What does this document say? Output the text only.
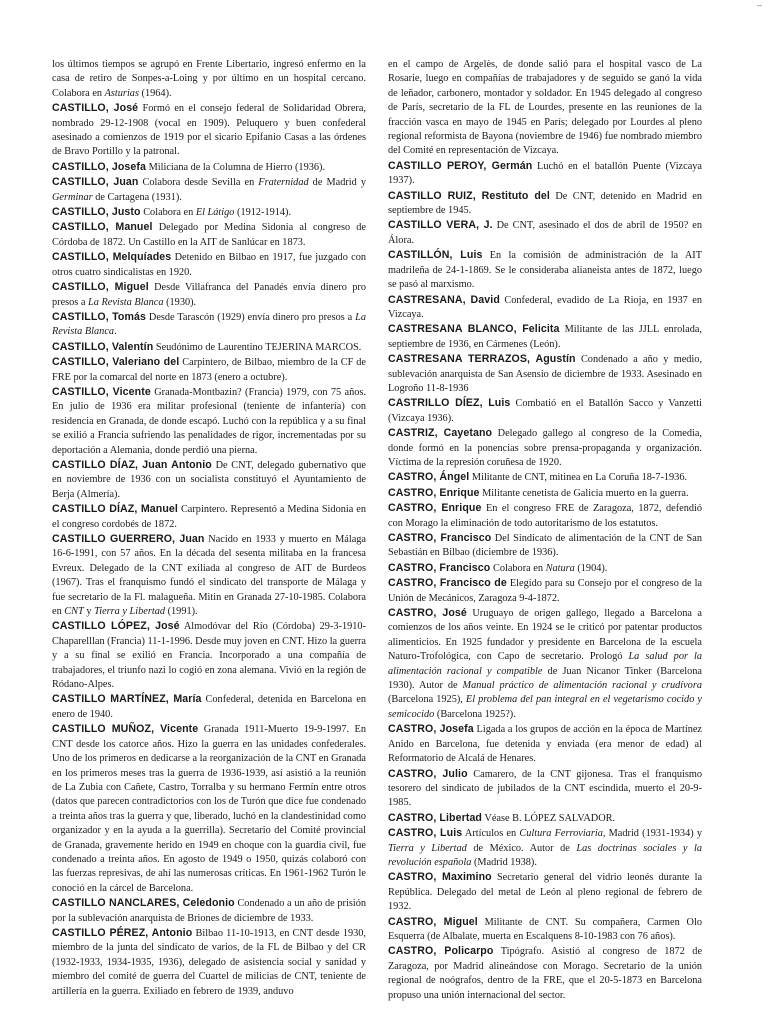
–

los últimos tiempos se agrupó en Frente Libertario, ingresó enfermo en la casa de retiro de Sonpes-a-Loing y por último en un hospital cercano. Colabora en Asturias (1964).

CASTILLO, José Formó en el consejo federal de Solidaridad Obrera, nombrado 29-12-1908 (vocal en 1909). Peluquero y buen confederal asesinado a comienzos de 1919 por el sicario Epifanio Casas a las órdenes de Bravo Portillo y la patronal.

CASTILLO, Josefa Miliciana de la Columna de Hierro (1936).

CASTILLO, Juan Colabora desde Sevilla en Fraternidad de Madrid y Germinar de Cartagena (1931).

CASTILLO, Justo Colabora en El Látigo (1912-1914).

CASTILLO, Manuel Delegado por Medina Sidonia al congreso de Córdoba de 1872. Un Castillo en la AIT de Sanlúcar en 1873.

CASTILLO, Melquíades Detenido en Bilbao en 1917, fue juzgado con otros cuatro sindicalistas en 1920.

CASTILLO, Miguel Desde Villafranca del Panadés envía dinero pro presos a La Revista Blanca (1930).

CASTILLO, Tomás Desde Tarascón (1929) envía dinero pro presos a La Revista Blanca.

CASTILLO, Valentín Seudónimo de Laurentino TEJERINA MARCOS.

CASTILLO, Valeriano del Carpintero, de Bilbao, miembro de la CF de FRE por la comarcal del norte en 1873 (enero a octubre).

CASTILLO, Vicente Granada-Montbazin? (Francia) 1979, con 75 años. En julio de 1936 era militar profesional (teniente de infantería) con residencia en Granada, de donde escapó. Luchó con la república y a su final se exilió a Francia sufriendo las penalidades de rigor, incrementadas por su deportación a Alemania, donde perdió una pierna.

CASTILLO DÍAZ, Juan Antonio De CNT, delegado gubernativo que en noviembre de 1936 con un socialista constituyó el Ayuntamiento de Berja (Almería).

CASTILLO DÍAZ, Manuel Carpintero. Representó a Medina Sidonia en el congreso cordobés de 1872.

CASTILLO GUERRERO, Juan Nacido en 1933 y muerto en Málaga 16-6-1991, con 57 años. En la década del sesenta militaba en la francesa Evreux. Delegado de la CNT exiliada al congreso de AIT de Burdeos (1967). Tras el franquismo fundó el sindicato del transporte de Málaga y fue secretario de la Fl. malagueña. Mitin en Granada 27-10-1985. Colabora en CNT y Tierra y Libertad (1991).

CASTILLO LÓPEZ, José Almodóvar del Río (Córdoba) 29-3-1910-Chaparelllan (Francia) 11-1-1996. Desde muy joven en CNT. Hizo la guerra y a su final se exilió en Francia. Incorporado a una compañía de trabajadores, el triunfo nazi lo cogió en zona alemana. Vivió en la región de Ródano-Alpes.

CASTILLO MARTÍNEZ, María Confederal, detenida en Barcelona en enero de 1940.

CASTILLO MUÑOZ, Vicente Granada 1911-Muerto 19-9-1997. En CNT desde los catorce años. Hizo la guerra en las unidades confederales. Uno de los primeros en dedicarse a la reorganización de la CNT en Granada en los primeros meses tras la guerra de 1936-1939, así asistió a la reunión de La Zubia con Cañete, Castro, Torralba y su hermano Fermín entre otros (datos que parecen contradictorios con los de Turón que dice fue condenado a treinta años tras la guerra y que, liberado, luchó en la clandestinidad como organizador y en la ayuda a la guerrilla). Secretario del Comité provincial de Granada, gravemente herido en 1949 en choque con la guardia civil, fue condenado a treinta años. En agosto de 1949 o 1950, quizás colaboró con las fuerzas represivas, de ahí las numerosas críticas. En 1961-1962 Turón le conoció en la cárcel de Barcelona.

CASTILLO NANCLARES, Celedonio Condenado a un año de prisión por la sublevación anarquista de Briones de diciembre de 1933.

CASTILLO PÉREZ, Antonio Bilbao 11-10-1913, en CNT desde 1930, miembro de la junta del sindicato de varios, de la FL de Bilbao y del CR (1932-1933, 1934-1935, 1936), delegado de asistencia social y sanidad y miembro del comité de guerra del Cuartel de milicias de CNT, teniente de artillería en la guerra. Exiliado en febrero de 1939, anduvo

en el campo de Argelès, de donde salió para el hospital vasco de La Rosarie, luego en compañías de trabajadores y de seguido se ganó la vida de leñador, carbonero, montador y soldador. En 1945 delegado al congreso de París, secretario de la FL de Lourdes, presente en las reuniones de la fracción vasca en mayo de 1945 en París; delegado por Lourdes al pleno regional reformista de Bayona (noviembre de 1946) fue nombrado miembro del Comité en representación de Vizcaya.

CASTILLO PEROY, Germán Luchó en el batallón Puente (Vizcaya 1937).

CASTILLO RUIZ, Restituto del De CNT, detenido en Madrid en septiembre de 1945.

CASTILLO VERA, J. De CNT, asesinado el dos de abril de 1950? en Álora.

CASTILLÓN, Luis En la comisión de administración de la AIT madrileña de 24-1-1869. Se le consideraba alianeista antes de 1872, luego se pasó al marxismo.

CASTRESANA, David Confederal, evadido de La Rioja, en 1937 en Vizcaya.

CASTRESANA BLANCO, Felicita Militante de las JJLL enrolada, septiembre de 1936, en Cármenes (León).

CASTRESANA TERRAZOS, Agustín Condenado a año y medio, sublevación anarquista de San Asensio de diciembre de 1933. Asesinado en Logroño 11-8-1936

CASTRILLO DÍEZ, Luis Combatió en el Batallón Sacco y Vanzetti (Vizcaya 1936).

CASTRIZ, Cayetano Delegado gallego al congreso de la Comedia, donde formó en la ponencias sobre prensa-propaganda y organización. Víctima de la represión coruñesa de 1920.

CASTRO, Ángel Militante de CNT, mitinea en La Coruña 18-7-1936.

CASTRO, Enrique Militante cenetista de Galicia muerto en la guerra.

CASTRO, Enrique En el congreso FRE de Zaragoza, 1872, defendió con Morago la eliminación de todo autoritarismo de los estatutos.

CASTRO, Francisco Del Sindicato de alimentación de la CNT de San Sebastián en Bilbao (diciembre de 1936).

CASTRO, Francisco Colabora en Natura (1904).

CASTRO, Francisco de Elegido para su Consejo por el congreso de la Unión de Mecánicos, Zaragoza 9-4-1872.

CASTRO, José Uruguayo de origen gallego, llegado a Barcelona a comienzos de los años veinte. En 1924 se le criticó por patentar productos alimenticios. En 1925 fundador y presidente en Barcelona de la escuela Naturo-Trofológica, con Capo de secretario. Prologó La salud por la alimentación racional y compatible de Juan Nicanor Tinker (Barcelona 1930). Autor de Manual práctico de alimentación racional y crudívora (Barcelona 1925), El problema del pan integral en el vegetarismo cocido y semicocido (Barcelona 1925?).

CASTRO, Josefa Ligada a los grupos de acción en la época de Martínez Anido en Barcelona, fue detenida y enviada (era menor de edad) al Reformatorio de Alcalá de Henares.

CASTRO, Julio Camarero, de la CNT gijonesa. Tras el franquismo tesorero del sindicato de jubilados de la CNT escindida, muerto el 20-9-1985.

CASTRO, Libertad Véase B. LÓPEZ SALVADOR.

CASTRO, Luis Artículos en Cultura Ferroviaria, Madrid (1931-1934) y Tierra y Libertad de México. Autor de Las doctrinas sociales y la revolución española (Madrid 1938).

CASTRO, Maximino Secretario general del vidrio leonés durante la República. Delegado del metal de León al pleno regional de febrero de 1932.

CASTRO, Miguel Militante de CNT. Su compañera, Carmen Olo Esquerra (de Albalate, muerta en Escalquens 8-10-1983 con 76 años).

CASTRO, Policarpo Tipógrafo. Asistió al congreso de 1872 de Zaragoza, por Madrid alineándose con Morago. Secretario de la unión regional de noógrafos, dentro de la FRE, que el 20-5-1873 en Barcelona propuso una unión internacional del sector.
